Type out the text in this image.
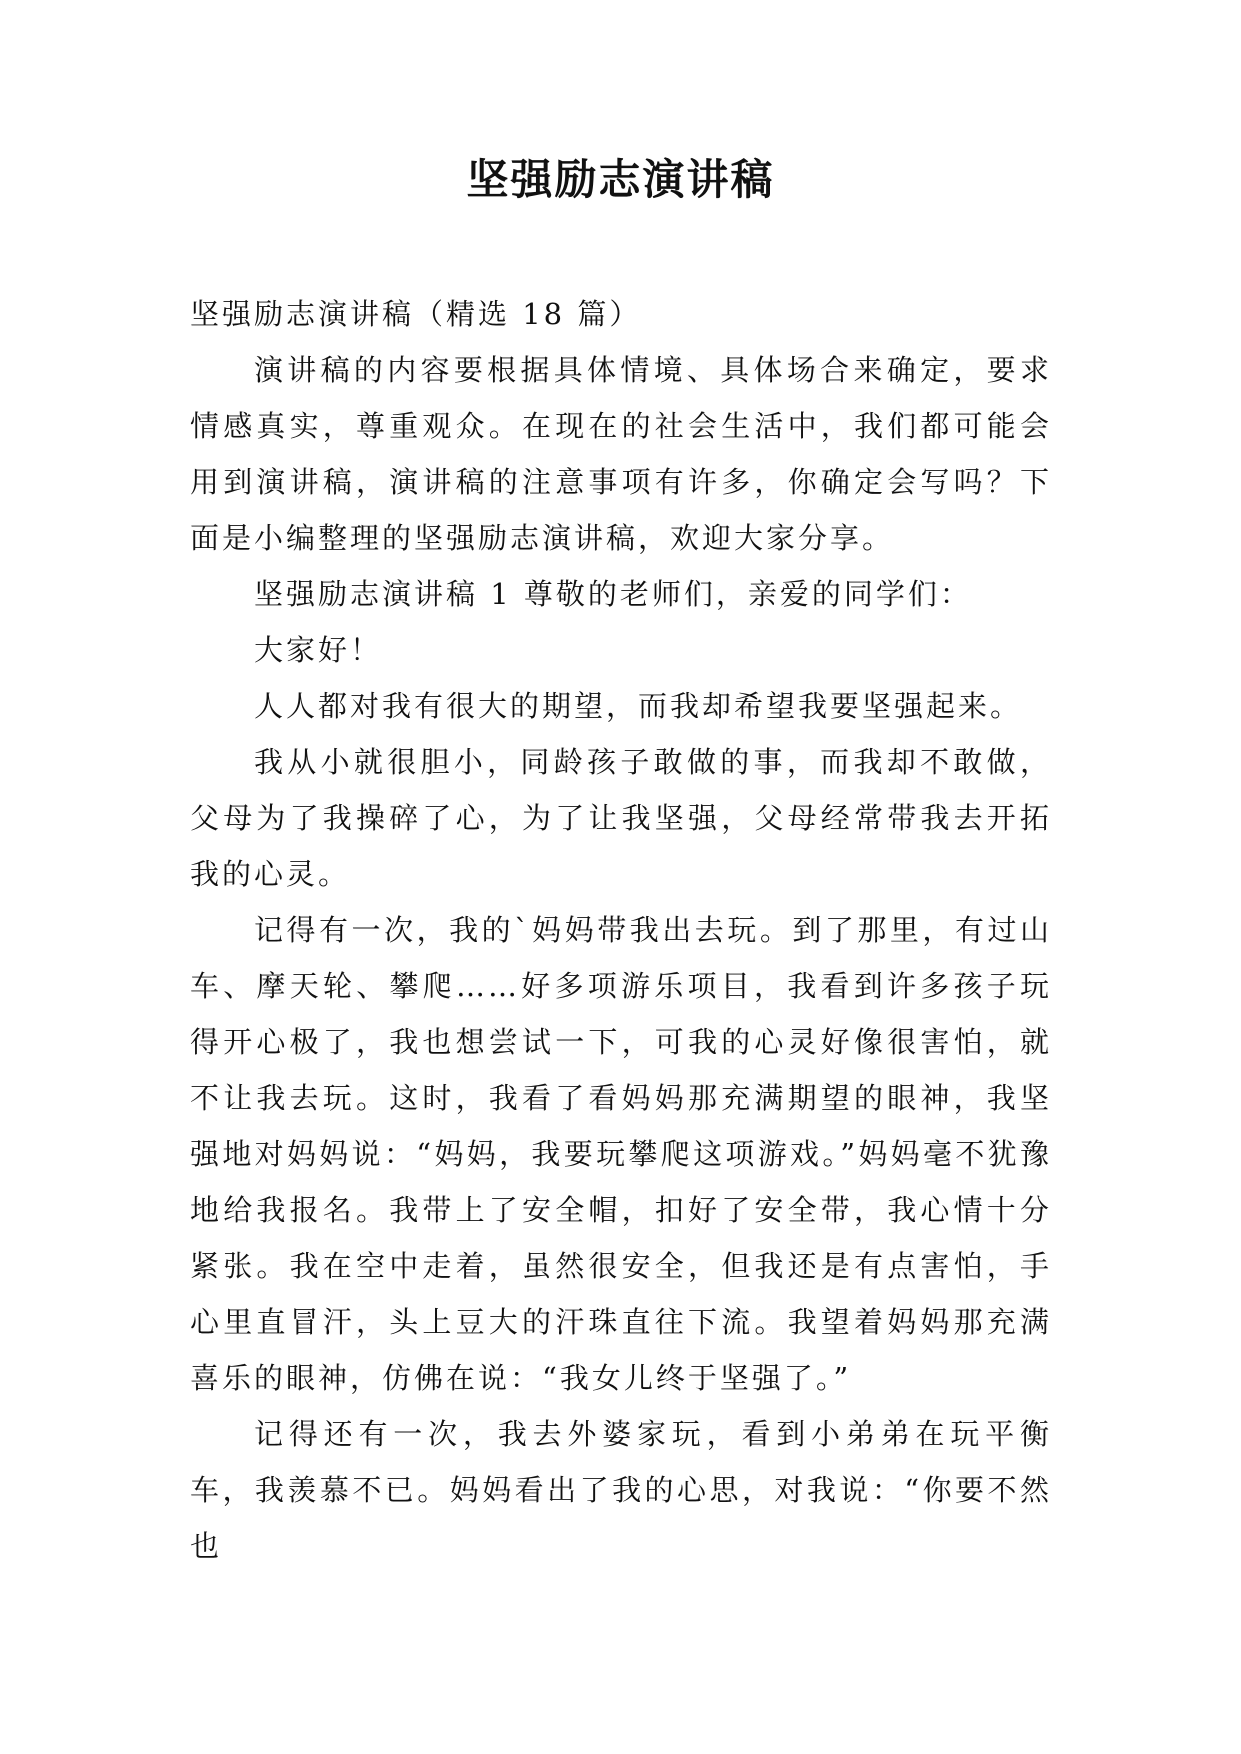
坚强励志演讲稿

坚强励志演讲稿（精选 18 篇）

演讲稿的内容要根据具体情境、具体场合来确定，要求情感真实，尊重观众。在现在的社会生活中，我们都可能会用到演讲稿，演讲稿的注意事项有许多，你确定会写吗？下面是小编整理的坚强励志演讲稿，欢迎大家分享。

坚强励志演讲稿 1 尊敬的老师们，亲爱的同学们：

大家好！

人人都对我有很大的期望，而我却希望我要坚强起来。

我从小就很胆小，同龄孩子敢做的事，而我却不敢做，父母为了我操碎了心，为了让我坚强，父母经常带我去开拓我的心灵。

记得有一次，我的`妈妈带我出去玩。到了那里，有过山车、摩天轮、攀爬……好多项游乐项目，我看到许多孩子玩得开心极了，我也想尝试一下，可我的心灵好像很害怕，就不让我去玩。这时，我看了看妈妈那充满期望的眼神，我坚强地对妈妈说：“妈妈，我要玩攀爬这项游戏。”妈妈毫不犹豫地给我报名。我带上了安全帽，扣好了安全带，我心情十分紧张。我在空中走着，虽然很安全，但我还是有点害怕，手心里直冒汗，头上豆大的汗珠直往下流。我望着妈妈那充满喜乐的眼神，仿佛在说：“我女儿终于坚强了。”

记得还有一次，我去外婆家玩，看到小弟弟在玩平衡车，我羡慕不已。妈妈看出了我的心思，对我说：“你要不然也
